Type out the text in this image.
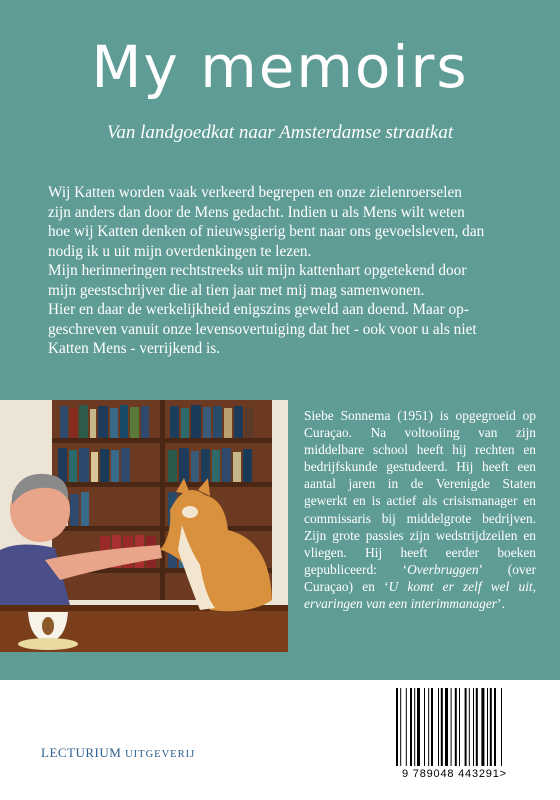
My memoirs
Van landgoedkat naar Amsterdamse straatkat

Wij Katten worden vaak verkeerd begrepen en onze zielenroerselen

zijn anders dan door de Mens gedacht. Indien u als Mens wilt weten

hoe wij Katten denken of nieuwsgierig bent naar ons gevoelsleven, dan

nodig ik u uit mijn overdenkingen te lezen.

Mijn herinneringen rechtstreeks uit mijn kattenhart opgetekend door

mijn geestschrijver die al tien jaar met mij mag samenwonen.

Hier en daar de werkelijkheid enigszins geweld aan doend. Maar op-

geschreven vanuit onze levensovertuiging dat het - ook voor u als niet

Katten Mens - verrijkend is.

Siebe Sonnema (1951) is opgegroeid op Curaçao. Na voltooiing van zijn middelbare school heeft hij rechten en bedrijfskunde gestudeerd. Hij heeft een aantal jaren in de Verenigde Staten gewerkt en is actief als crisismanager en commissaris bij middelgrote bedrijven. Zijn grote passies zijn wedstrijdzeilen en vliegen. Hij heeft eerder boeken gepubliceerd: ‘Overbruggen’ (over Curaçao) en ‘U komt er zelf wel uit, ervaringen van een interimmanager’.
LECTURIUM UITGEVERIJ
9 789048 443291>
